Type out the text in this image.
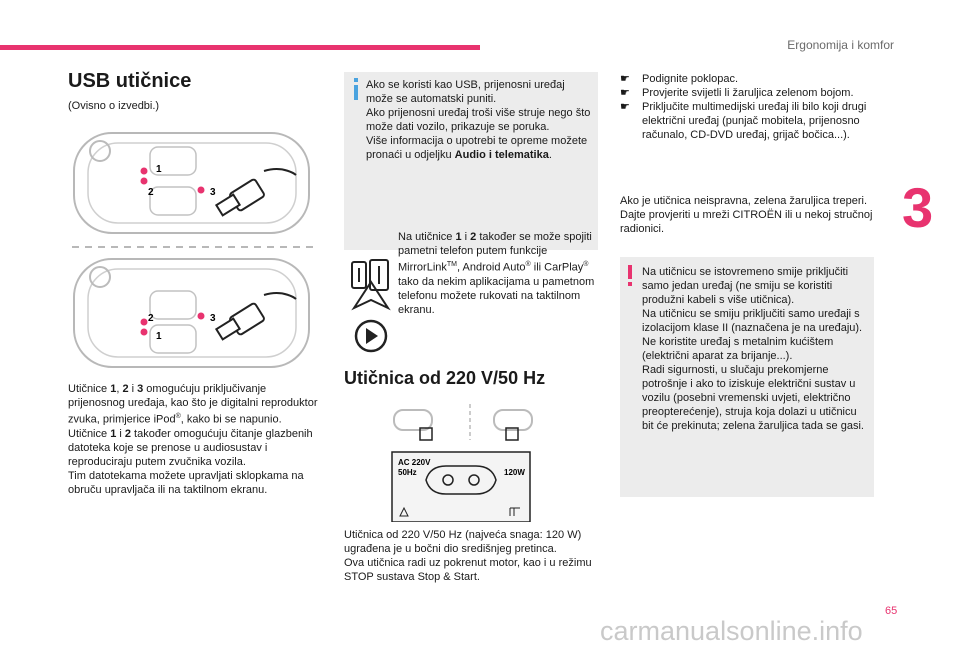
Ergonomija i komfor
3
USB utičnice
(Ovisno o izvedbi.)
1
2	3
2
1
3
Utičnice 1, 2 i 3 omogućuju priključivanje prijenosnog uređaja, kao što je digitalni reproduktor zvuka, primjerice iPod®, kako bi se napunio.
Utičnice 1 i 2 također omogućuju čitanje glazbenih datoteka koje se prenose u audiosustav i reproduciraju putem zvučnika vozila.
Tim datotekama možete upravljati sklopkama na obruču upravljača ili na taktilnom ekranu.
Ako se koristi kao USB, prijenosni uređaj može se automatski puniti.
Ako prijenosni uređaj troši više struje nego što može dati vozilo, prikazuje se poruka.
Više informacija o upotrebi te opreme možete pronaći u odjeljku Audio i telematika.
Na utičnice 1 i 2 također se može spojiti pametni telefon putem funkcije MirrorLink™, Android Auto® ili CarPlay® tako da nekim aplikacijama u pametnom telefonu možete rukovati na taktilnom ekranu.
Utičnica od 220 V/50 Hz
AC 220V
50Hz	120W
Utičnica od 220 V/50 Hz (najveća snaga: 120 W) ugrađena je u bočni dio središnjeg pretinca.
Ova utičnica radi uz pokrenut motor, kao i u režimu STOP sustava Stop & Start.
☛ Podignite poklopac.
☛ Provjerite svijetli li žaruljica zelenom bojom.
☛ Priključite multimedijski uređaj ili bilo koji drugi električni uređaj (punjač mobitela, prijenosno računalo, CD-DVD uređaj, grijač bočica...).
Ako je utičnica neispravna, zelena žaruljica treperi.
Dajte provjeriti u mreži CITROËN ili u nekoj stručnoj radionici.
Na utičnicu se istovremeno smije priključiti samo jedan uređaj (ne smiju se koristiti produžni kabeli s više utičnica).
Na utičnicu se smiju priključiti samo uređaji s izolacijom klase II (naznačena je na uređaju).
Ne koristite uređaj s metalnim kućištem (električni aparat za brijanje...).
Radi sigurnosti, u slučaju prekomjerne potrošnje i ako to iziskuje električni sustav u vozilu (posebni vremenski uvjeti, električno preopterećenje), struja koja dolazi u utičnicu bit će prekinuta; zelena žaruljica tada se gasi.
65
carmanualsonline.info
